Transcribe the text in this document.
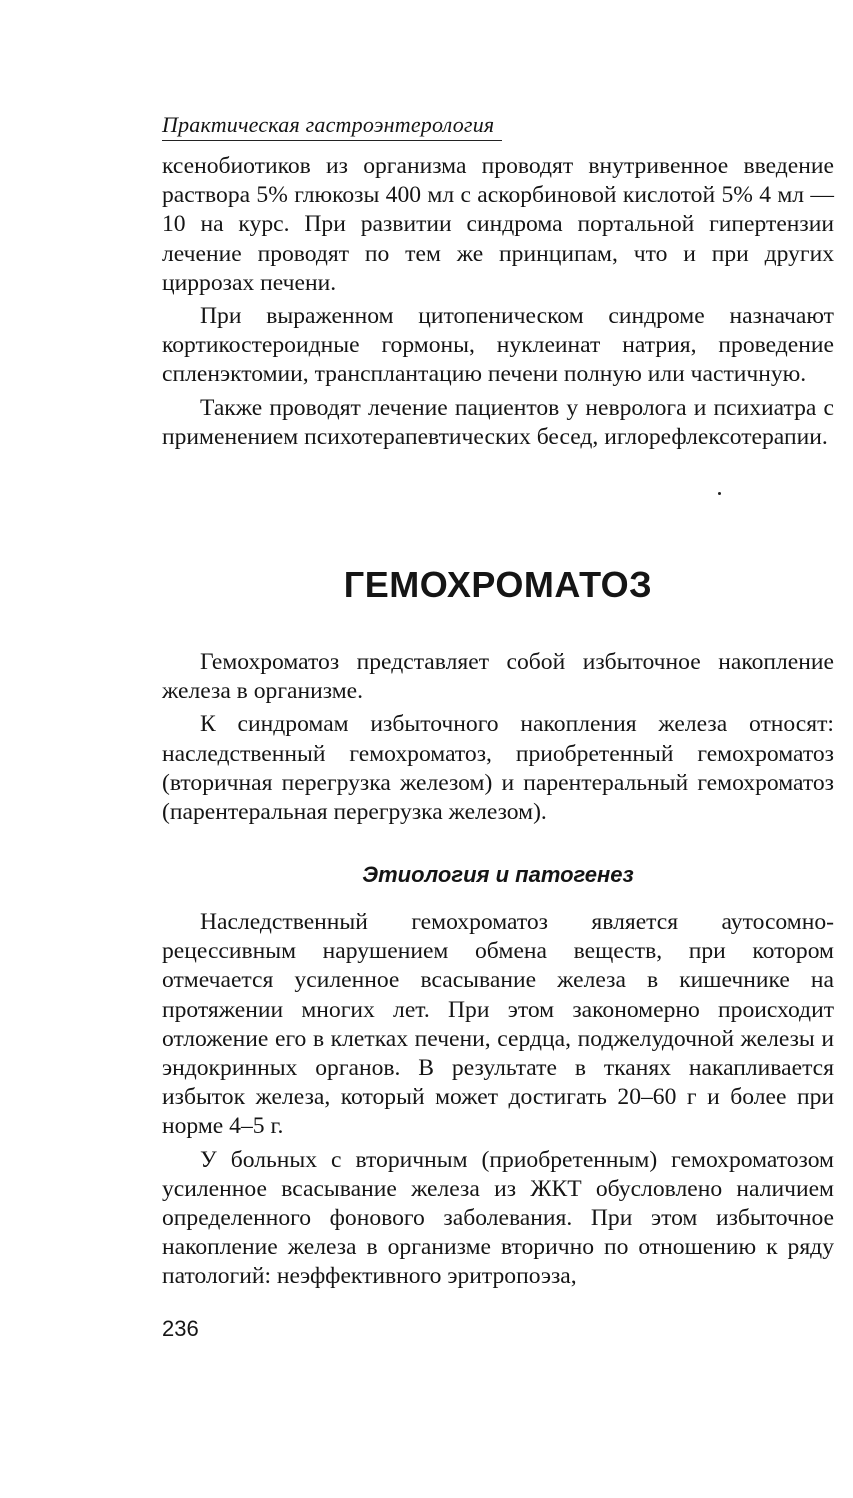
Практическая гастроэнтерология

ксенобиотиков из организма проводят внутривенное введение раствора 5% глюкозы 400 мл с аскорбиновой кислотой 5% 4 мл — 10 на курс. При развитии синдрома портальной гипертензии лечение проводят по тем же принципам, что и при других циррозах печени.

При выраженном цитопеническом синдроме назначают кортикостероидные гормоны, нуклеинат натрия, проведение спленэктомии, трансплантацию печени полную или частичную.

Также проводят лечение пациентов у невролога и психиатра с применением психотерапевтических бесед, иглорефлексотерапии.

ГЕМОХРОМАТОЗ

Гемохроматоз представляет собой избыточное накопление железа в организме.

К синдромам избыточного накопления железа относят: наследственный гемохроматоз, приобретенный гемохроматоз (вторичная перегрузка железом) и парентеральный гемохроматоз (парентеральная перегрузка железом).

Этиология и патогенез

Наследственный гемохроматоз является аутосомно-рецессивным нарушением обмена веществ, при котором отмечается усиленное всасывание железа в кишечнике на протяжении многих лет. При этом закономерно происходит отложение его в клетках печени, сердца, поджелудочной железы и эндокринных органов. В результате в тканях накапливается избыток железа, который может достигать 20–60 г и более при норме 4–5 г.

У больных с вторичным (приобретенным) гемохроматозом усиленное всасывание железа из ЖКТ обусловлено наличием определенного фонового заболевания. При этом избыточное накопление железа в организме вторично по отношению к ряду патологий: неэффективного эритропоэза,

236
